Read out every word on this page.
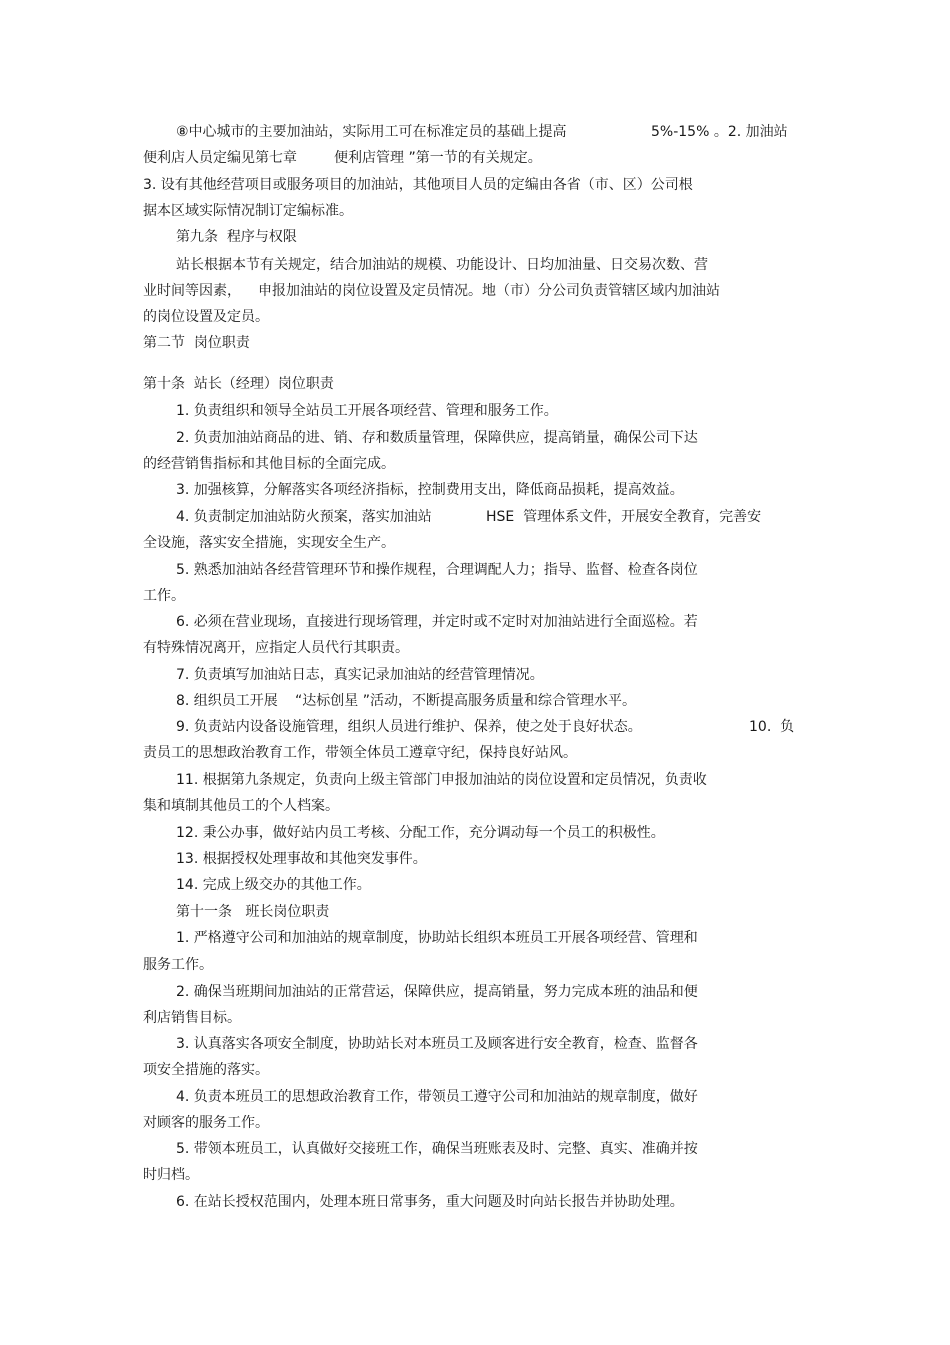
⑧中心城市的主要加油站，实际用工可在标准定员的基础上提高	5%-15% 。2. 加油站
便利店人员定编见第七章	便利店管理 ”第一节的有关规定。
3. 设有其他经营项目或服务项目的加油站，其他项目人员的定编由各省（市、区）公司根
据本区域实际情况制订定编标准。
第九条  程序与权限
站长根据本节有关规定，结合加油站的规模、功能设计、日均加油量、日交易次数、营
业时间等因素， 申报加油站的岗位设置及定员情况。地（市）分公司负责管辖区域内加油站
的岗位设置及定员。
第二节  岗位职责
第十条  站长（经理）岗位职责
1. 负责组织和领导全站员工开展各项经营、管理和服务工作。
2. 负责加油站商品的进、销、存和数质量管理，保障供应，提高销量，确保公司下达
的经营销售指标和其他目标的全面完成。
3. 加强核算，分解落实各项经济指标，控制费用支出，降低商品损耗，提高效益。
4. 负责制定加油站防火预案，落实加油站	HSE  管理体系文件，开展安全教育，完善安
全设施，落实安全措施，实现安全生产。
5. 熟悉加油站各经营管理环节和操作规程，合理调配人力；指导、监督、检查各岗位
工作。
6. 必须在营业现场，直接进行现场管理，并定时或不定时对加油站进行全面巡检。若
有特殊情况离开，应指定人员代行其职责。
7. 负责填写加油站日志，真实记录加油站的经营管理情况。
8. 组织员工开展 “达标创星 ”活动，不断提高服务质量和综合管理水平。
9. 负责站内设备设施管理，组织人员进行维护、保养，使之处于良好状态。	10.  负
责员工的思想政治教育工作，带领全体员工遵章守纪，保持良好站风。
11. 根据第九条规定，负责向上级主管部门申报加油站的岗位设置和定员情况，负责收
集和填制其他员工的个人档案。
12. 秉公办事，做好站内员工考核、分配工作，充分调动每一个员工的积极性。
13. 根据授权处理事故和其他突发事件。
14. 完成上级交办的其他工作。
第十一条   班长岗位职责
1. 严格遵守公司和加油站的规章制度，协助站长组织本班员工开展各项经营、管理和
服务工作。
2. 确保当班期间加油站的正常营运，保障供应，提高销量，努力完成本班的油品和便
利店销售目标。
3. 认真落实各项安全制度，协助站长对本班员工及顾客进行安全教育，检查、监督各
项安全措施的落实。
4. 负责本班员工的思想政治教育工作，带领员工遵守公司和加油站的规章制度，做好
对顾客的服务工作。
5. 带领本班员工，认真做好交接班工作，确保当班账表及时、完整、真实、准确并按
时归档。
6. 在站长授权范围内，处理本班日常事务，重大问题及时向站长报告并协助处理。
